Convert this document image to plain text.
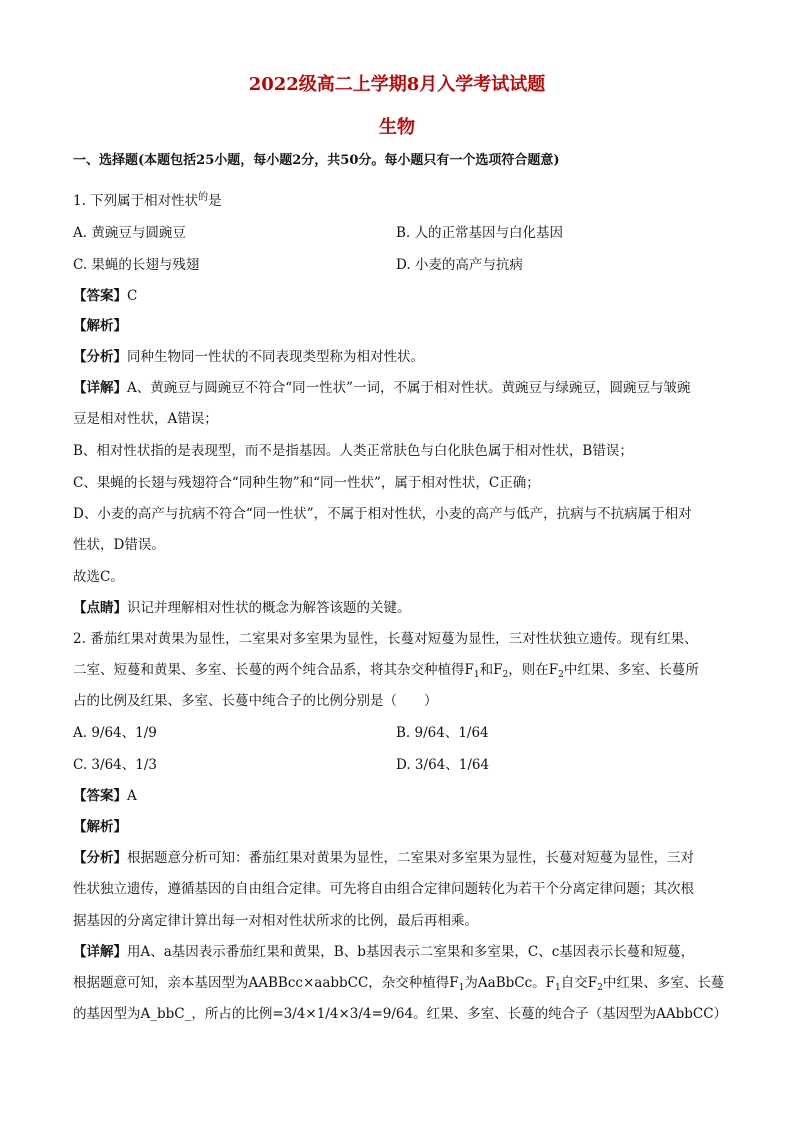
2022级高二上学期8月入学考试试题
生物
一、选择题(本题包括25小题，每小题2分，共50分。每小题只有一个选项符合题意)
1. 下列属于相对性状$^的$是
A. 黄豌豆与圆豌豆	B. 人的正常基因与白化基因
C. 果蝇的长翅与残翅	D. 小麦的高产与抗病
【答案】C
【解析】
【分析】同种生物同一性状的不同表现类型称为相对性状。
【详解】A、黄豌豆与圆豌豆不符合“同一性状”一词，不属于相对性状。黄豌豆与绿豌豆，圆豌豆与皱豌
豆是相对性状，A错误；
B、相对性状指的是表现型，而不是指基因。人类正常肤色与白化肤色属于相对性状，B错误；
C、果蝇的长翅与残翅符合“同种生物”和“同一性状”，属于相对性状，C正确；
D、小麦的高产与抗病不符合“同一性状”，不属于相对性状，小麦的高产与低产，抗病与不抗病属于相对
性状，D错误。
故选C。
【点睛】识记并理解相对性状的概念为解答该题的关键。
2. 番茄红果对黄果为显性，二室果对多室果为显性，长蔓对短蔓为显性，三对性状独立遗传。现有红果、
二室、短蔓和黄果、多室、长蔓的两个纯合品系，将其杂交种植得$F_1$和$F_2$，则在$F_2$中红果、多室、长蔓所
占的比例及红果、多室、长蔓中纯合子的比例分别是（　　）
A. 9/64、1/9	B. 9/64、1/64
C. 3/64、1/3	D. 3/64、1/64
【答案】A
【解析】
【分析】根据题意分析可知：番茄红果对黄果为显性，二室果对多室果为显性，长蔓对短蔓为显性，三对
性状独立遗传，遵循基因的自由组合定律。可先将自由组合定律问题转化为若干个分离定律问题；其次根
据基因的分离定律计算出每一对相对性状所求的比例，最后再相乘。
【详解】用A、a基因表示番茄红果和黄果，B、b基因表示二室果和多室果，C、c基因表示长蔓和短蔓，
根据题意可知，亲本基因型为AABBcc×aabbCC，杂交种植得$F_1$为AaBbCc。$F_1$自交$F_2$中红果、多室、长蔓
的基因型为A_bbC_，所占的比例=3/4×1/4×3/4=9/64。红果、多室、长蔓的纯合子（基因型为AAbbCC）
